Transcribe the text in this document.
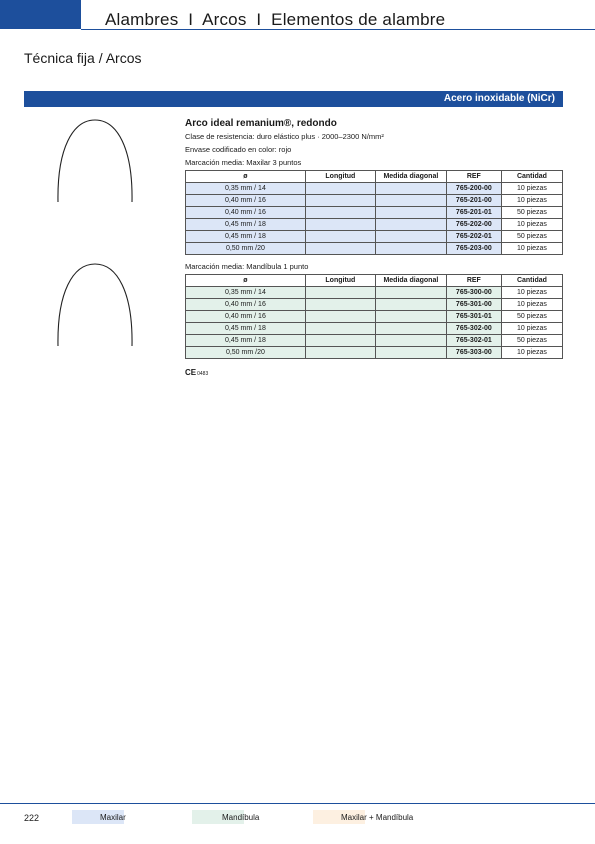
Alambres  I  Arcos  I  Elementos de alambre
Técnica fija / Arcos
Acero inoxidable (NiCr)

Arco ideal remanium®, redondo

Clase de resistencia: duro elástico plus · 2000–2300 N/mm²

Envase codificado en color: rojo

Marcación media: Maxilar 3 puntos

ø	Longitud	Medida diagonal	REF	Cantidad
0,35 mm / 14			765-200-00	10 piezas
0,40 mm / 16			765-201-00	10 piezas
0,40 mm / 16			765-201-01	50 piezas
0,45 mm / 18			765-202-00	10 piezas
0,45 mm / 18			765-202-01	50 piezas
0,50 mm /20			765-203-00	10 piezas

Marcación media: Mandíbula 1 punto

ø	Longitud	Medida diagonal	REF	Cantidad
0,35 mm / 14			765-300-00	10 piezas
0,40 mm / 16			765-301-00	10 piezas
0,40 mm / 16			765-301-01	50 piezas
0,45 mm / 18			765-302-00	10 piezas
0,45 mm / 18			765-302-01	50 piezas
0,50 mm /20			765-303-00	10 piezas
CE0483
222	Maxilar	Mandíbula	Maxilar + Mandíbula
